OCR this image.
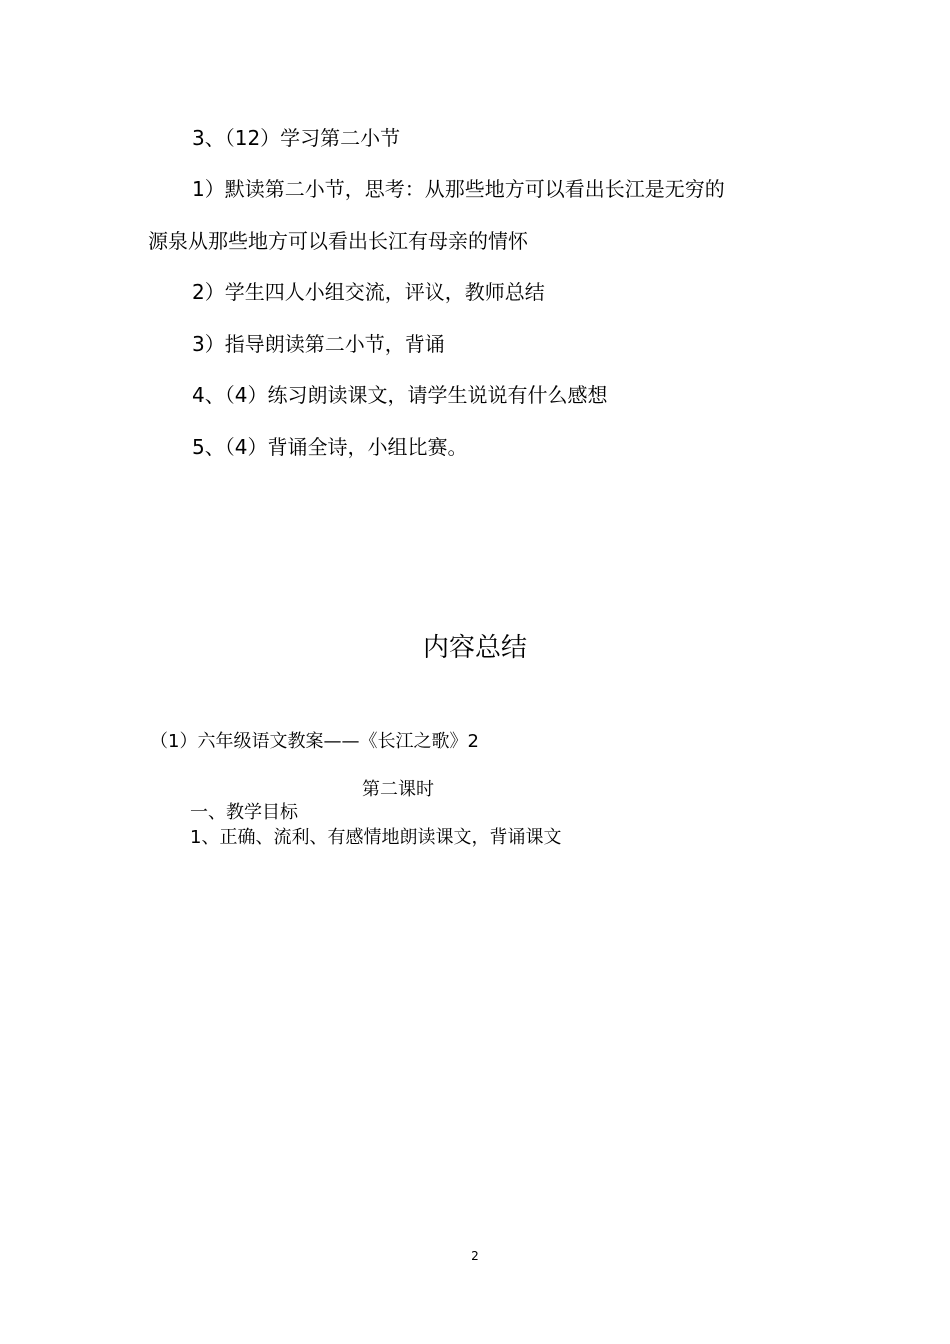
3、（12）学习第二小节
1）默读第二小节，思考：从那些地方可以看出长江是无穷的
源泉从那些地方可以看出长江有母亲的情怀
2）学生四人小组交流，评议，教师总结
3）指导朗读第二小节，背诵
4、（4）练习朗读课文，请学生说说有什么感想
5、（4）背诵全诗，小组比赛。
内容总结
（1）六年级语文教案——《长江之歌》2
第二课时
一、教学目标
1、正确、流利、有感情地朗读课文，背诵课文
2
